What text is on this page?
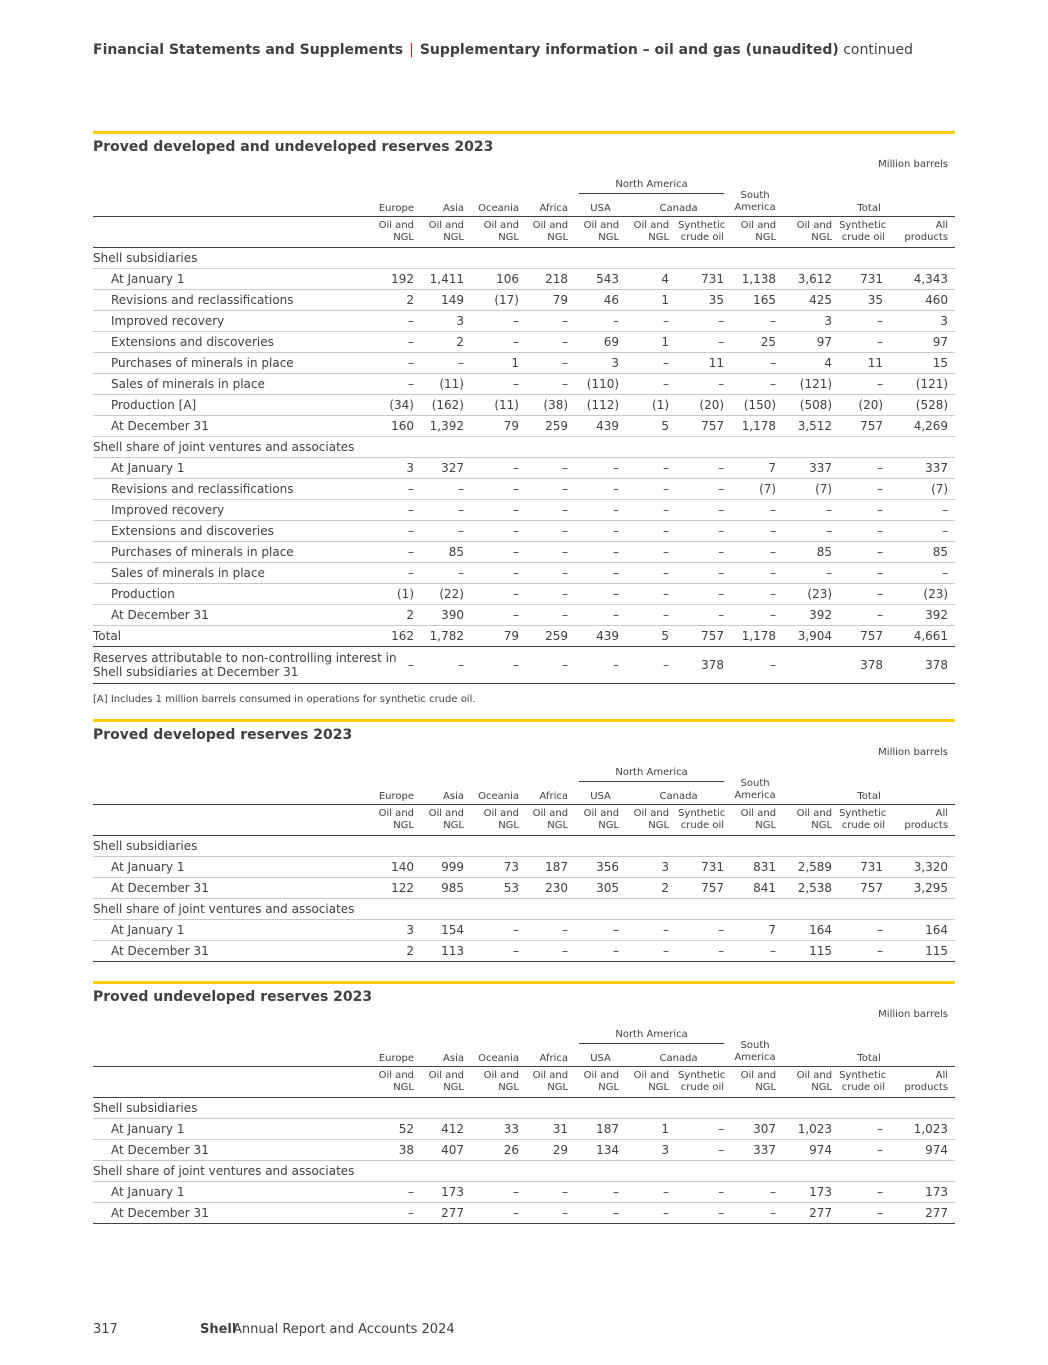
Financial Statements and Supplements | Supplementary information – oil and gas (unaudited) continued
Proved developed and undeveloped reserves 2023
Million barrels

					North America						

	Europe	Asia	Oceania	Africa	USA	Canada		South America	Total		

	Oil and NGL	Oil and NGL	Oil and NGL	Oil and NGL	Oil and NGL	Oil and NGL	Synthetic crude oil	Oil and NGL	Oil and NGL	Synthetic crude oil	All products

Shell subsidiaries											
At January 1	192	1,411	106	218	543	4	731	1,138	3,612	731	4,343
Revisions and reclassifications	2	149	(17)	79	46	1	35	165	425	35	460
Improved recovery	–	3	–	–	–	–	–	–	3	–	3
Extensions and discoveries	–	2	–	–	69	1	–	25	97	–	97
Purchases of minerals in place	–	–	1	–	3	–	11	–	4	11	15
Sales of minerals in place	–	(11)	–	–	(110)	–	–	–	(121)	–	(121)
Production [A]	(34)	(162)	(11)	(38)	(112)	(1)	(20)	(150)	(508)	(20)	(528)
At December 31	160	1,392	79	259	439	5	757	1,178	3,512	757	4,269
Shell share of joint ventures and associates											
At January 1	3	327	–	–	–	–	–	7	337	–	337
Revisions and reclassifications	–	–	–	–	–	–	–	(7)	(7)	–	(7)
Improved recovery	–	–	–	–	–	–	–	–	–	–	–
Extensions and discoveries	–	–	–	–	–	–	–	–	–	–	–
Purchases of minerals in place	–	85	–	–	–	–	–	–	85	–	85
Sales of minerals in place	–	–	–	–	–	–	–	–	–	–	–
Production	(1)	(22)	–	–	–	–	–	–	(23)	–	(23)
At December 31	2	390	–	–	–	–	–	–	392	–	392
Total	162	1,782	79	259	439	5	757	1,178	3,904	757	4,661

Reserves attributable to non-controlling interest in
Shell subsidiaries at December 31	–	–	–	–	–	–	378	–		378	378
[A] Includes 1 million barrels consumed in operations for synthetic crude oil.
Proved developed reserves 2023
Million barrels

					North America						

	Europe	Asia	Oceania	Africa	USA	Canada		South America	Total		

	Oil and NGL	Oil and NGL	Oil and NGL	Oil and NGL	Oil and NGL	Oil and NGL	Synthetic crude oil	Oil and NGL	Oil and NGL	Synthetic crude oil	All products

Shell subsidiaries											
At January 1	140	999	73	187	356	3	731	831	2,589	731	3,320
At December 31	122	985	53	230	305	2	757	841	2,538	757	3,295
Shell share of joint ventures and associates											
At January 1	3	154	–	–	–	–	–	7	164	–	164
At December 31	2	113	–	–	–	–	–	–	115	–	115
Proved undeveloped reserves 2023
Million barrels

					North America						

	Europe	Asia	Oceania	Africa	USA	Canada		South America	Total		

	Oil and NGL	Oil and NGL	Oil and NGL	Oil and NGL	Oil and NGL	Oil and NGL	Synthetic crude oil	Oil and NGL	Oil and NGL	Synthetic crude oil	All products

Shell subsidiaries											
At January 1	52	412	33	31	187	1	–	307	1,023	–	1,023
At December 31	38	407	26	29	134	3	–	337	974	–	974
Shell share of joint ventures and associates											
At January 1	–	173	–	–	–	–	–	–	173	–	173
At December 31	–	277	–	–	–	–	–	–	277	–	277
317	Shell
Annual Report and Accounts 2024
